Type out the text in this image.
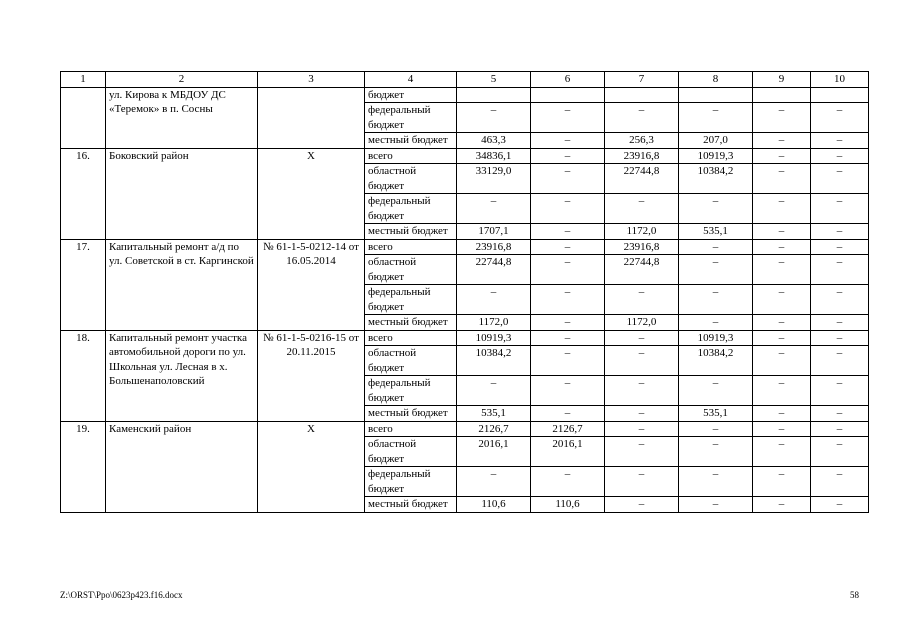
1	2	3	4	5	6	7	8	9	10
	ул. Кирова к МБДОУ ДС «Теремок» в п. Сосны		бюджет						
			федеральный бюджет	–	–	–	–	–	–
			местный бюджет	463,3	–	256,3	207,0	–	–
16.	Боковский район	Х	всего	34836,1	–	23916,8	10919,3	–	–
			областной бюджет	33129,0	–	22744,8	10384,2	–	–
			федеральный бюджет	–	–	–	–	–	–
			местный бюджет	1707,1	–	1172,0	535,1	–	–
17.	Капитальный ремонт а/д по ул. Советской в ст. Каргинской	№ 61-1-5-0212-14 от 16.05.2014	всего	23916,8	–	23916,8	–	–	–
			областной бюджет	22744,8	–	22744,8	–	–	–
			федеральный бюджет	–	–	–	–	–	–
			местный бюджет	1172,0	–	1172,0	–	–	–
18.	Капитальный ремонт участка автомобильной дороги по ул. Школьная ул. Лесная в х. Большенаполовский	№ 61-1-5-0216-15 от 20.11.2015	всего	10919,3	–	–	10919,3	–	–
			областной бюджет	10384,2	–	–	10384,2	–	–
			федеральный бюджет	–	–	–	–	–	–
			местный бюджет	535,1	–	–	535,1	–	–
19.	Каменский район	Х	всего	2126,7	2126,7	–	–	–	–
			областной бюджет	2016,1	2016,1	–	–	–	–
			федеральный бюджет	–	–	–	–	–	–
			местный бюджет	110,6	110,6	–	–	–	–
Z:\ORST\Ppo\0623p423.f16.docx	58
